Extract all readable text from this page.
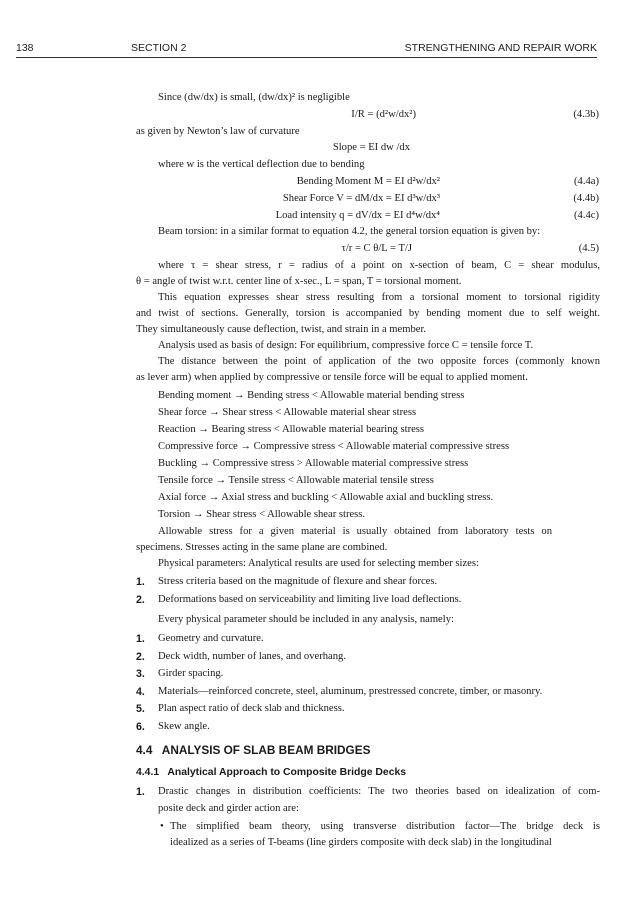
138	SECTION 2	STRENGTHENING AND REPAIR WORK
Since (dw/dx) is small, (dw/dx)² is negligible
I/R = (d²w/dx²)	(4.3b)
as given by Newton’s law of curvature
Slope = EI dw /dx
where w is the vertical deflection due to bending
Bending Moment M = EI d²w/dx²	(4.4a)
Shear Force V = dM/dx = EI d³w/dx³	(4.4b)
Load intensity q = dV/dx = EI d⁴w/dx⁴	(4.4c)
Beam torsion: in a similar format to equation 4.2, the general torsion equation is given by:
τ/r = C θ/L = T/J	(4.5)
where τ = shear stress, r = radius of a point on x-section of beam, C = shear modulus,
θ = angle of twist w.r.t. center line of x-sec., L = span, T = torsional moment.
This equation expresses shear stress resulting from a torsional moment to torsional rigidity
and twist of sections. Generally, torsion is accompanied by bending moment due to self weight.
They simultaneously cause deflection, twist, and strain in a member.
Analysis used as basis of design: For equilibrium, compressive force C = tensile force T.
The distance between the point of application of the two opposite forces (commonly known
as lever arm) when applied by compressive or tensile force will be equal to applied moment.
Bending moment → Bending stress < Allowable material bending stress
Shear force → Shear stress < Allowable material shear stress
Reaction → Bearing stress < Allowable material bearing stress
Compressive force → Compressive stress < Allowable material compressive stress
Buckling → Compressive stress > Allowable material compressive stress
Tensile force → Tensile stress < Allowable material tensile stress
Axial force → Axial stress and buckling < Allowable axial and buckling stress.
Torsion → Shear stress < Allowable shear stress.
Allowable stress for a given material is usually obtained from laboratory tests on
specimens. Stresses acting in the same plane are combined.
Physical parameters: Analytical results are used for selecting member sizes:
1. Stress criteria based on the magnitude of flexure and shear forces.
2. Deformations based on serviceability and limiting live load deflections.
Every physical parameter should be included in any analysis, namely:
1. Geometry and curvature.
2. Deck width, number of lanes, and overhang.
3. Girder spacing.
4. Materials—reinforced concrete, steel, aluminum, prestressed concrete, timber, or masonry.
5. Plan aspect ratio of deck slab and thickness.
6. Skew angle.
4.4   ANALYSIS OF SLAB BEAM BRIDGES
4.4.1   Analytical Approach to Composite Bridge Decks
1. Drastic changes in distribution coefficients: The two theories based on idealization of com-
posite deck and girder action are:
• The simplified beam theory, using transverse distribution factor—The bridge deck is
idealized as a series of T-beams (line girders composite with deck slab) in the longitudinal
